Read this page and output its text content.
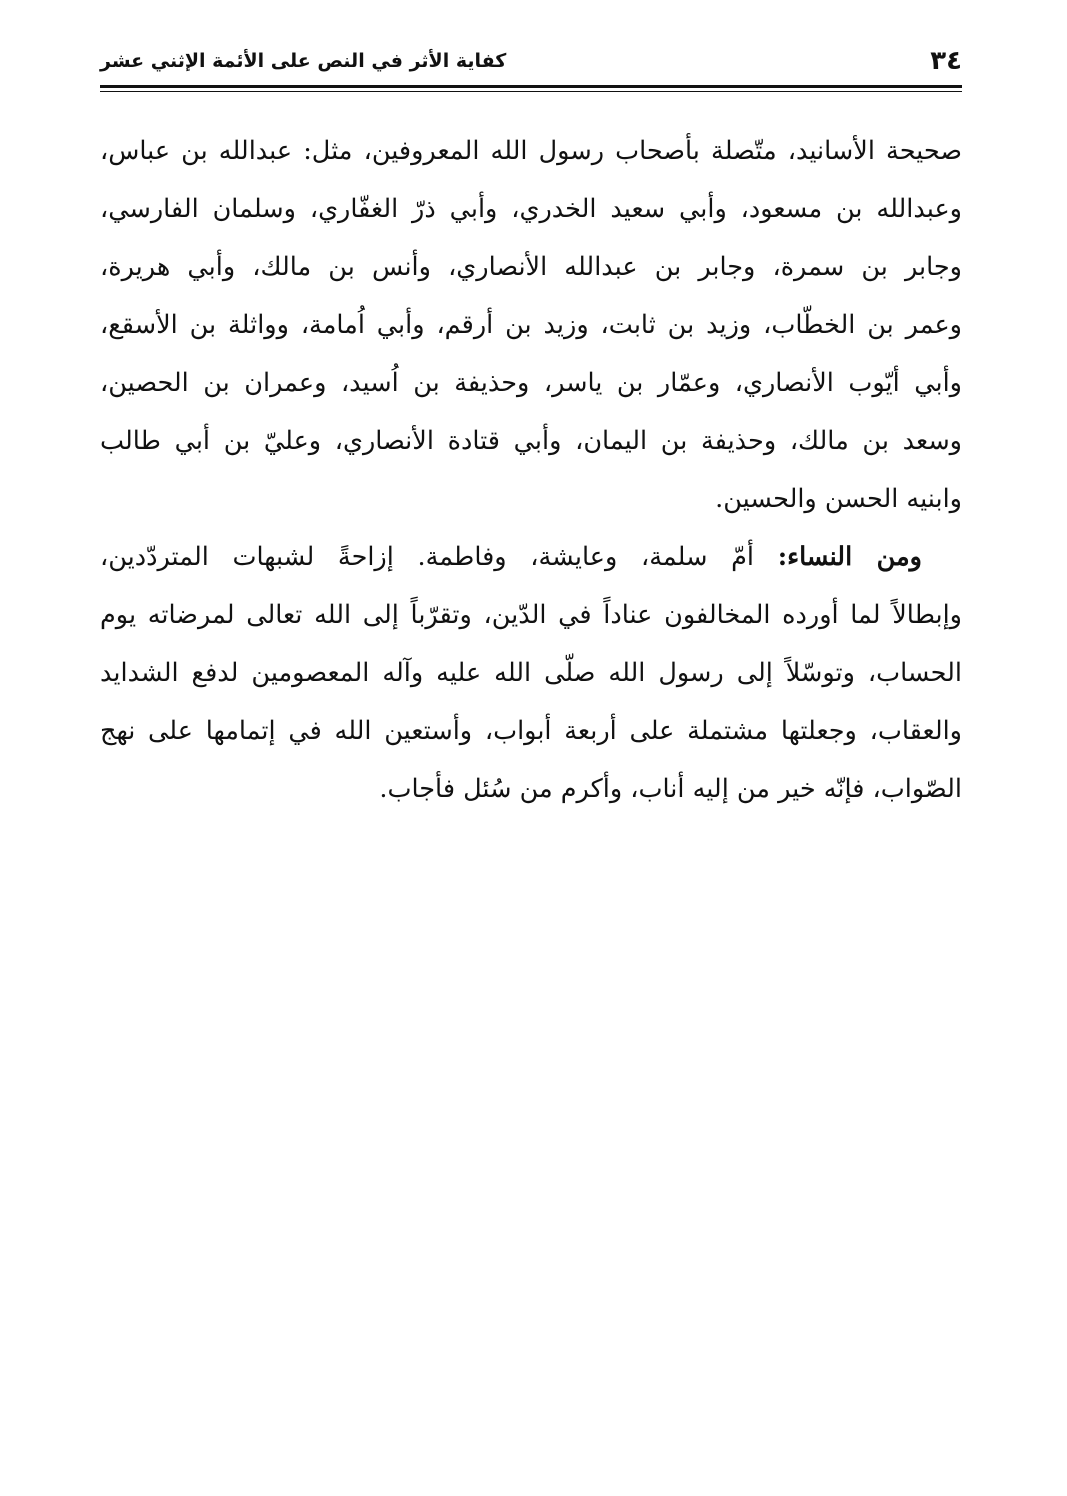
٣٤
كفاية الأثر في النص على الأئمة الإثني عشر
صحيحة الأسانيد، متّصلة بأصحاب رسول الله المعروفين، مثل: عبدالله بن عباس،
وعبدالله بن مسعود، وأبي سعيد الخدري، وأبي ذرّ الغفّاري، وسلمان الفارسي،
وجابر بن سمرة، وجابر بن عبدالله الأنصاري، وأنس بن مالك، وأبي هريرة،
وعمر بن الخطّاب، وزيد بن ثابت، وزيد بن أرقم، وأبي اُمامة، وواثلة بن الأسقع،
وأبي أيّوب الأنصاري، وعمّار بن ياسر، وحذيفة بن اُسيد، وعمران بن الحصين،
وسعد بن مالك، وحذيفة بن اليمان، وأبي قتادة الأنصاري، وعليّ بن أبي طالب
وابنيه الحسن والحسين.
ومن النساء: أمّ سلمة، وعايشة، وفاطمة. إزاحةً لشبهات المتردّدين،
وإبطالاً لما أورده المخالفون عناداً في الدّين، وتقرّباً إلى الله تعالى لمرضاته يوم
الحساب، وتوسّلاً إلى رسول الله صلّى الله عليه وآله المعصومين لدفع الشدايد
والعقاب، وجعلتها مشتملة على أربعة أبواب، وأستعين الله في إتمامها على نهج
الصّواب، فإنّه خير من إليه أناب، وأكرم من سُئل فأجاب.
